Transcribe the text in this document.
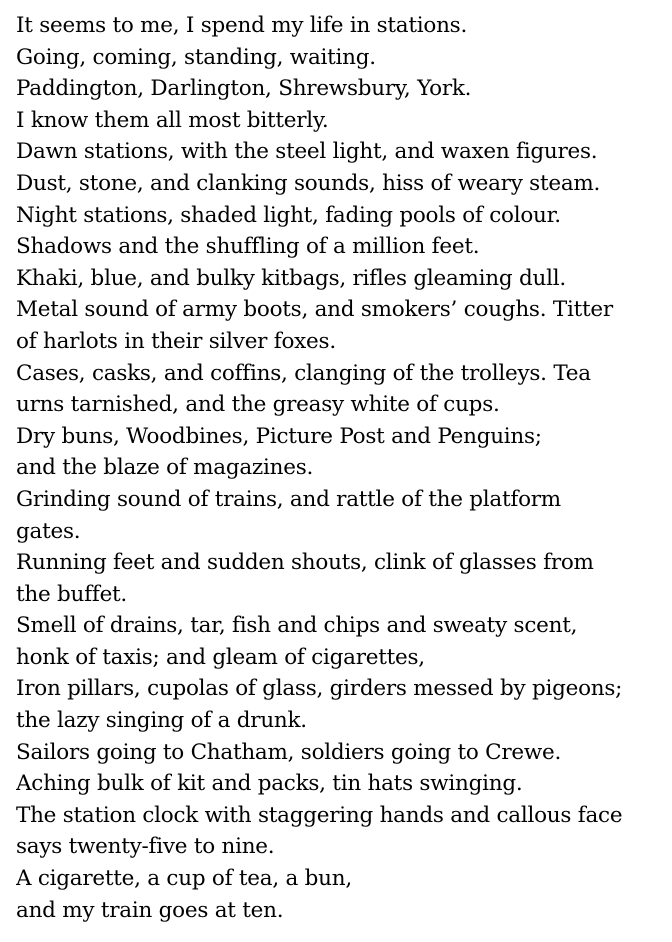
It seems to me, I spend my life in stations.
Going, coming, standing, waiting.
Paddington, Darlington, Shrewsbury, York.
I know them all most bitterly.
Dawn stations, with the steel light, and waxen figures.
Dust, stone, and clanking sounds, hiss of weary steam.
Night stations, shaded light, fading pools of colour.
Shadows and the shuffling of a million feet.
Khaki, blue, and bulky kitbags, rifles gleaming dull.
Metal sound of army boots, and smokers’ coughs. Titter
of harlots in their silver foxes.
Cases, casks, and coffins, clanging of the trolleys. Tea
urns tarnished, and the greasy white of cups.
Dry buns, Woodbines, Picture Post and Penguins;
and the blaze of magazines.
Grinding sound of trains, and rattle of the platform
gates.
Running feet and sudden shouts, clink of glasses from
the buffet.
Smell of drains, tar, fish and chips and sweaty scent,
honk of taxis; and gleam of cigarettes,
Iron pillars, cupolas of glass, girders messed by pigeons;
the lazy singing of a drunk.
Sailors going to Chatham, soldiers going to Crewe.
Aching bulk of kit and packs, tin hats swinging.
The station clock with staggering hands and callous face
says twenty-five to nine.
A cigarette, a cup of tea, a bun,
and my train goes at ten.
